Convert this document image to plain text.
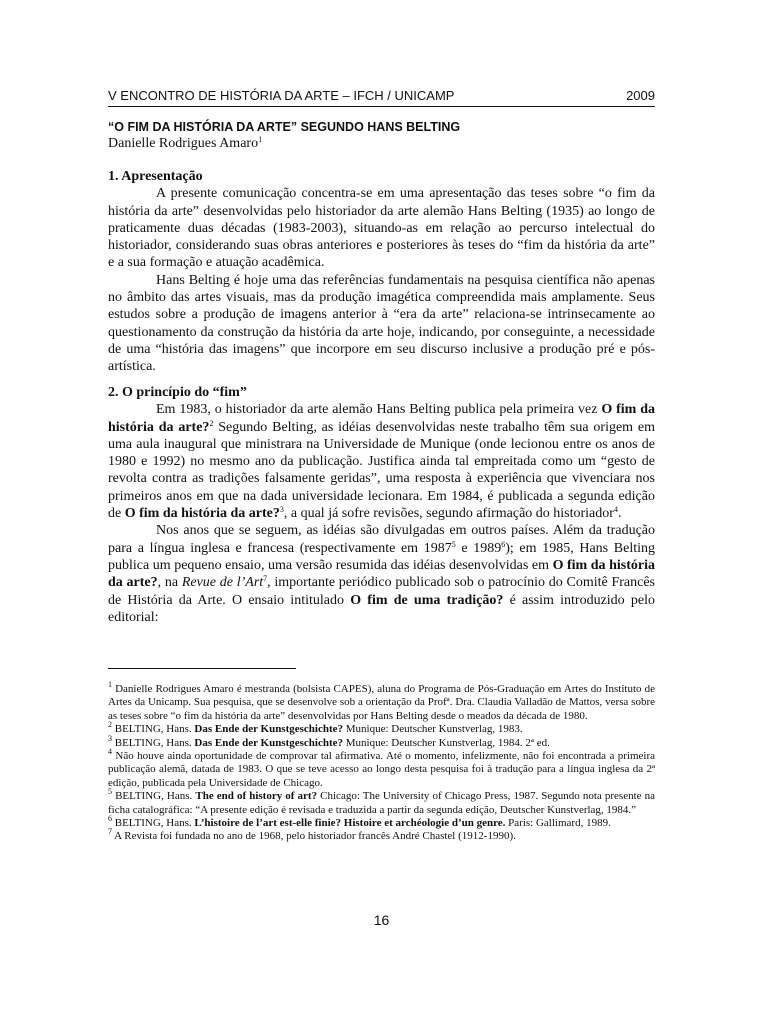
V ENCONTRO DE HISTÓRIA DA ARTE – IFCH / UNICAMP	2009
“O FIM DA HISTÓRIA DA ARTE” SEGUNDO HANS BELTING
Danielle Rodrigues Amaro$^1$
1. Apresentação

A presente comunicação concentra-se em uma apresentação das teses sobre “o fim da história da arte” desenvolvidas pelo historiador da arte alemão Hans Belting (1935) ao longo de praticamente duas décadas (1983-2003), situando-as em relação ao percurso intelectual do historiador, considerando suas obras anteriores e posteriores às teses do “fim da história da arte” e a sua formação e atuação acadêmica.

Hans Belting é hoje uma das referências fundamentais na pesquisa científica não apenas no âmbito das artes visuais, mas da produção imagética compreendida mais amplamente. Seus estudos sobre a produção de imagens anterior à “era da arte” relaciona-se intrinsecamente ao questionamento da construção da história da arte hoje, indicando, por conseguinte, a necessidade de uma “história das imagens” que incorpore em seu discurso inclusive a produção pré e pós-artística.

2. O princípio do “fim”

Em 1983, o historiador da arte alemão Hans Belting publica pela primeira vez O fim da história da arte?$^2$ Segundo Belting, as idéias desenvolvidas neste trabalho têm sua origem em uma aula inaugural que ministrara na Universidade de Munique (onde lecionou entre os anos de 1980 e 1992) no mesmo ano da publicação. Justifica ainda tal empreitada como um “gesto de revolta contra as tradições falsamente geridas”, uma resposta à experiência que vivenciara nos primeiros anos em que na dada universidade lecionara. Em 1984, é publicada a segunda edição de O fim da história da arte?$^3$, a qual já sofre revisões, segundo afirmação do historiador$^4$.

Nos anos que se seguem, as idéias são divulgadas em outros países. Além da tradução para a língua inglesa e francesa (respectivamente em 1987$^5$ e 1989$^6$); em 1985, Hans Belting publica um pequeno ensaio, uma versão resumida das idéias desenvolvidas em O fim da história da arte?, na Revue de l’Art$^7$, importante periódico publicado sob o patrocínio do Comitê Francês de História da Arte. O ensaio intitulado O fim de uma tradição? é assim introduzido pelo editorial:

$^1$ Danielle Rodrigues Amaro é mestranda (bolsista CAPES), aluna do Programa de Pós-Graduação em Artes do Instituto de Artes da Unicamp. Sua pesquisa, que se desenvolve sob a orientação da Profª. Dra. Claudia Valladão de Mattos, versa sobre as teses sobre “o fim da história da arte” desenvolvidas por Hans Belting desde o meados da década de 1980.

$^2$ BELTING, Hans. Das Ende der Kunstgeschichte? Munique: Deutscher Kunstverlag, 1983.

$^3$ BELTING, Hans. Das Ende der Kunstgeschichte? Munique: Deutscher Kunstverlag, 1984. 2ª ed.

$^4$ Não houve ainda oportunidade de comprovar tal afirmativa. Até o momento, infelizmente, não foi encontrada a primeira publicação alemã, datada de 1983. O que se teve acesso ao longo desta pesquisa foi à tradução para a língua inglesa da 2ª edição, publicada pela Universidade de Chicago.

$^5$ BELTING, Hans. The end of history of art? Chicago: The University of Chicago Press, 1987. Segundo nota presente na ficha catalográfica: “A presente edição é revisada e traduzida a partir da segunda edição, Deutscher Kunstverlag, 1984.”

$^6$ BELTING, Hans. L’histoire de l’art est-elle finie? Histoire et archéologie d’un genre. Paris: Gallimard, 1989.

$^7$ A Revista foi fundada no ano de 1968, pelo historiador francês André Chastel (1912-1990).

16
